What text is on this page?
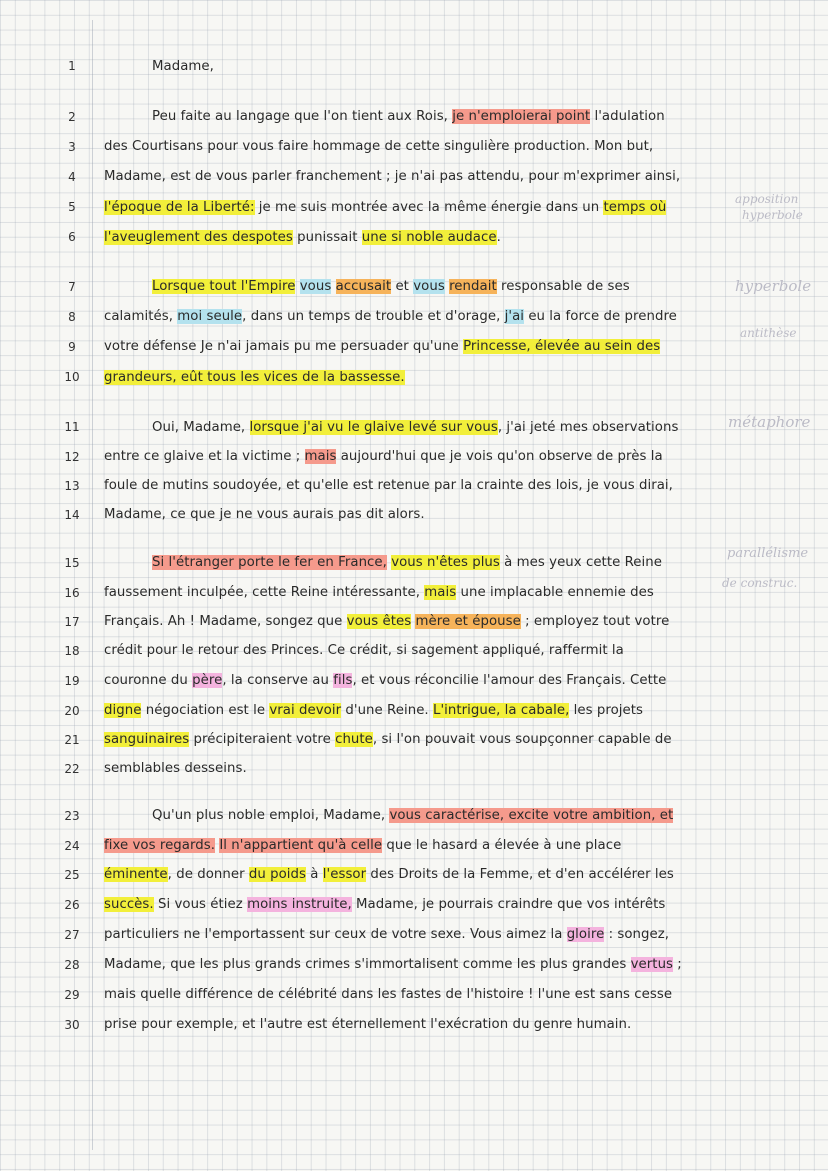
1
2
3
4
5
6
7
8
9
10
11
12
13
14
15
16
17
18
19
20
21
22
23
24
25
26
27
28
29
30
Madame,
Peu faite au langage que l'on tient aux Rois, je n'emploierai point l'adulation
des Courtisans pour vous faire hommage de cette singulière production. Mon but,
Madame, est de vous parler franchement ; je n'ai pas attendu, pour m'exprimer ainsi,
l'époque de la Liberté: je me suis montrée avec la même énergie dans un temps où
l'aveuglement des despotes punissait une si noble audace.
Lorsque tout l'Empire vous accusait et vous rendait responsable de ses
calamités, moi seule, dans un temps de trouble et d'orage, j'ai eu la force de prendre
votre défense Je n'ai jamais pu me persuader qu'une Princesse, élevée au sein des
grandeurs, eût tous les vices de la bassesse.
Oui, Madame, lorsque j'ai vu le glaive levé sur vous, j'ai jeté mes observations
entre ce glaive et la victime ; mais aujourd'hui que je vois qu'on observe de près la
foule de mutins soudoyée, et qu'elle est retenue par la crainte des lois, je vous dirai,
Madame, ce que je ne vous aurais pas dit alors.
Si l'étranger porte le fer en France, vous n'êtes plus à mes yeux cette Reine
faussement inculpée, cette Reine intéressante, mais une implacable ennemie des
Français. Ah ! Madame, songez que vous êtes mère et épouse ; employez tout votre
crédit pour le retour des Princes. Ce crédit, si sagement appliqué, raffermit la
couronne du père, la conserve au fils, et vous réconcilie l'amour des Français. Cette
digne négociation est le vrai devoir d'une Reine. L'intrigue, la cabale, les projets
sanguinaires précipiteraient votre chute, si l'on pouvait vous soupçonner capable de
semblables desseins.
Qu'un plus noble emploi, Madame, vous caractérise, excite votre ambition, et
fixe vos regards. Il n'appartient qu'à celle que le hasard a élevée à une place
éminente, de donner du poids à l'essor des Droits de la Femme, et d'en accélérer les
succès. Si vous étiez moins instruite, Madame, je pourrais craindre que vos intérêts
particuliers ne l'emportassent sur ceux de votre sexe. Vous aimez la gloire : songez,
Madame, que les plus grands crimes s'immortalisent comme les plus grandes vertus ;
mais quelle différence de célébrité dans les fastes de l'histoire ! l'une est sans cesse
prise pour exemple, et l'autre est éternellement l'exécration du genre humain.
apposition
hyperbole
hyperbole
antithèse
métaphore
parallélisme
de construc.
